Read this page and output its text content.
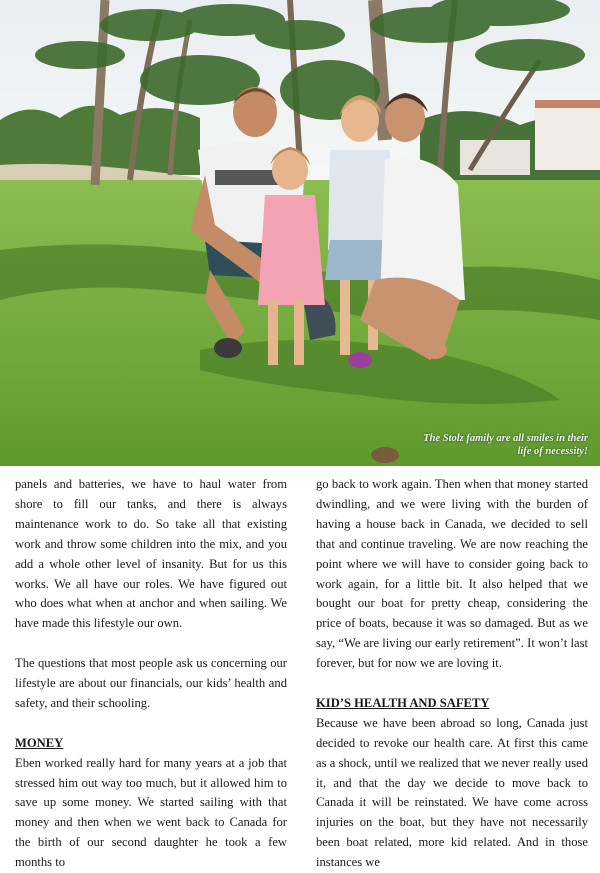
The Stolz family are all smiles in their
life of necessity!

panels and batteries, we have to haul water from shore to fill our tanks, and there is always maintenance work to do. So take all that existing work and throw some children into the mix, and you add a whole other level of insanity. But for us this works. We all have our roles. We have figured out who does what when at anchor and when sailing. We have made this lifestyle our own.

The questions that most people ask us concerning our lifestyle are about our financials, our kids’ health and safety, and their schooling.

MONEY

Eben worked really hard for many years at a job that stressed him out way too much, but it allowed him to save up some money. We started sailing with that money and then when we went back to Canada for the birth of our second daughter he took a few months to

go back to work again. Then when that money started dwindling, and we were living with the burden of having a house back in Canada, we decided to sell that and continue traveling. We are now reaching the point where we will have to consider going back to work again, for a little bit. It also helped that we bought our boat for pretty cheap, considering the price of boats, because it was so damaged. But as we say, “We are living our early retirement”. It won’t last forever, but for now we are loving it.

KID’S HEALTH AND SAFETY

Because we have been abroad so long, Canada just decided to revoke our health care. At first this came as a shock, until we realized that we never really used it, and that the day we decide to move back to Canada it will be reinstated. We have come across injuries on the boat, but they have not necessarily been boat related, more kid related. And in those instances we
